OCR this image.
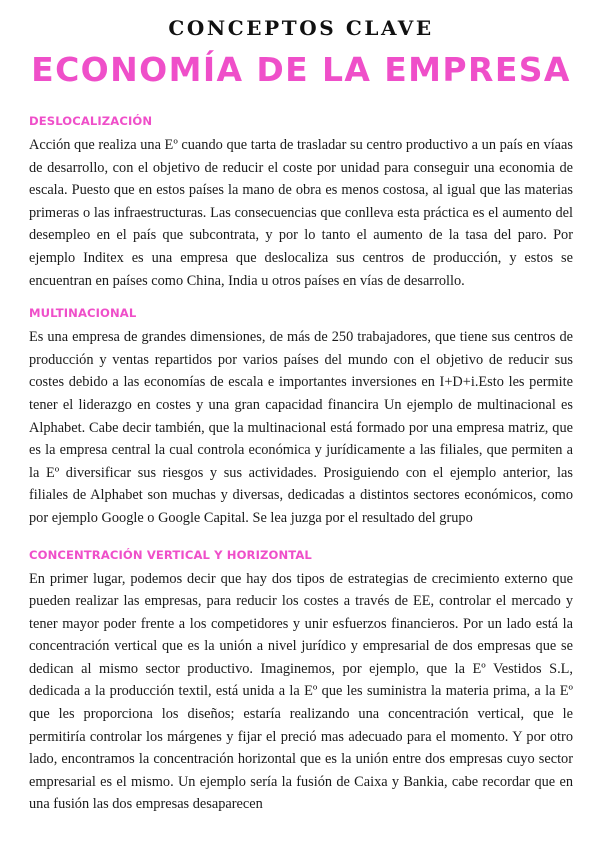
CONCEPTOS CLAVE
ECONOMÍA DE LA EMPRESA
DESLOCALIZACIÓN

Acción que realiza una Eº cuando que tarta de trasladar su centro productivo a un país en víaas de desarrollo, con el objetivo de reducir el coste por unidad para conseguir una economia de escala. Puesto que en estos países la mano de obra es menos costosa, al igual que las materias primeras o las infraestructuras. Las consecuencias que conlleva esta práctica es el aumento del desempleo en el país que subcontrata, y por lo tanto el aumento de la tasa del paro. Por ejemplo Inditex es una empresa que deslocaliza sus centros de producción, y estos se encuentran en países como China, India u otros países en vías de desarrollo.

MULTINACIONAL

Es una empresa de grandes dimensiones, de más de 250 trabajadores, que tiene sus centros de producción y ventas repartidos por varios países del mundo con el objetivo de reducir sus costes debido a las economías de escala e importantes inversiones en I+D+i.Esto les permite tener el liderazgo en costes y una gran capacidad financira Un ejemplo de multinacional es Alphabet. Cabe decir también, que la multinacional está formado por una empresa matriz, que es la empresa central la cual controla económica y jurídicamente a las filiales, que permiten a la Eº diversificar sus riesgos y sus actividades. Prosiguiendo con el ejemplo anterior, las filiales de Alphabet son muchas y diversas, dedicadas a distintos sectores económicos, como por ejemplo Google o Google Capital. Se lea juzga por el resultado del grupo

CONCENTRACIÓN VERTICAL Y HORIZONTAL

En primer lugar, podemos decir que hay dos tipos de estrategias de crecimiento externo que pueden realizar las empresas, para reducir los costes a través de EE, controlar el mercado y tener mayor poder frente a los competidores y unir esfuerzos financieros. Por un lado está la concentración vertical que es la unión a nivel jurídico y empresarial de dos empresas que se dedican al mismo sector productivo. Imaginemos, por ejemplo, que la Eº Vestidos S.L, dedicada a la producción textil, está unida a la Eº que les suministra la materia prima, a la Eº que les proporciona los diseños; estaría realizando una concentración vertical, que le permitiría controlar los márgenes y fijar el preció mas adecuado para el momento. Y por otro lado, encontramos la concentración horizontal que es la unión entre dos empresas cuyo sector empresarial es el mismo. Un ejemplo sería la fusión de Caixa y Bankia, cabe recordar que en una fusión las dos empresas desaparecen
